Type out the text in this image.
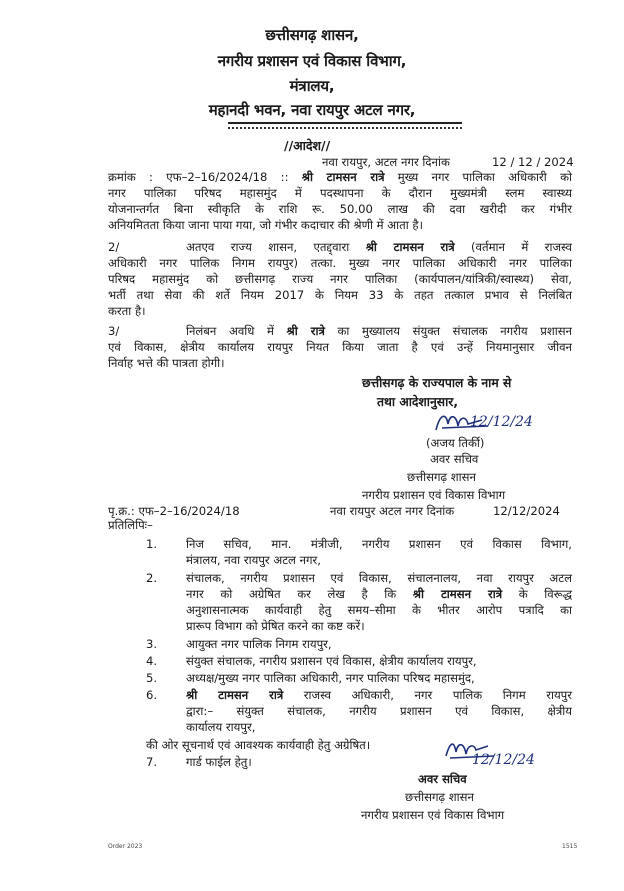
छत्तीसगढ़ शासन,
नगरीय प्रशासन एवं विकास विभाग,
मंत्रालय,
महानदी भवन, नवा रायपुर अटल नगर,
//आदेश//
नवा रायपुर, अटल नगर दिनांक	12 / 12 / 2024
क्रमांक : एफ–2–16/2024/18 :: श्री टामसन रात्रे मुख्य नगर पालिका अधिकारी को
नगर पालिका परिषद महासमुंद में पदस्थापना के दौरान मुख्यमंत्री स्लम स्वास्थ्य
योजनान्तर्गत बिना स्वीकृति के राशि रू. 50.00 लाख की दवा खरीदी कर गंभीर
अनियमितता किया जाना पाया गया, जो गंभीर कदाचार की श्रेणी में आता है।
2/	अतएव राज्य शासन, एतद्द्वारा श्री टामसन रात्रे (वर्तमान में राजस्व
अधिकारी नगर पालिक निगम रायपुर) तत्का. मुख्य नगर पालिका अधिकारी नगर पालिका
परिषद महासमुंद को छत्तीसगढ़ राज्य नगर पालिका (कार्यपालन/यांत्रिकी/स्वास्थ्य) सेवा,
भर्ती तथा सेवा की शर्ते नियम 2017 के नियम 33 के तहत तत्काल प्रभाव से निलंबित
करता है।
3/	निलंबन अवधि में श्री रात्रे का मुख्यालय संयुक्त संचालक नगरीय प्रशासन
एवं विकास, क्षेत्रीय कार्यालय रायपुर नियत किया जाता है एवं उन्हें नियमानुसार जीवन
निर्वाह भत्ते की पात्रता होगी।
छत्तीसगढ़ के राज्यपाल के नाम से
तथा आदेशानुसार,
12/12/24
(अजय तिर्की)
अवर सचिव
छत्तीसगढ़ शासन
नगरीय प्रशासन एवं विकास विभाग
पृ.क्र.: एफ–2–16/2024/18	नवा रायपुर अटल नगर दिनांक	12/12/2024
प्रतिलिपिः–
1. निज सचिव, मान. मंत्रीजी, नगरीय प्रशासन एवं विकास विभाग,
मंत्रालय, नवा रायपुर अटल नगर,
2. संचालक, नगरीय प्रशासन एवं विकास, संचालनालय, नवा रायपुर अटल
नगर को अग्रेषित कर लेख है कि श्री टामसन रात्रे के विरूद्ध
अनुशासनात्मक कार्यवाही हेतु समय–सीमा के भीतर आरोप पत्रादि का
प्रारूप विभाग को प्रेषित करने का कष्ट करें।
3. आयुक्त नगर पालिक निगम रायपुर,
4. संयुक्त संचालक, नगरीय प्रशासन एवं विकास, क्षेत्रीय कार्यालय रायपुर,
5. अध्यक्ष/मुख्य नगर पालिका अधिकारी, नगर पालिका परिषद महासमुंद,
6. श्री टामसन रात्रे राजस्व अधिकारी, नगर पालिक निगम रायपुर
द्वारा:– संयुक्त संचालक, नगरीय प्रशासन एवं विकास, क्षेत्रीय
कार्यालय रायपुर,
की ओर सूचनार्थ एवं आवश्यक कार्यवाही हेतु अग्रेषित।
7. गार्ड फाईल हेतु।	12/12/24
अवर सचिव
छत्तीसगढ़ शासन
नगरीय प्रशासन एवं विकास विभाग
Order 2023	1515
